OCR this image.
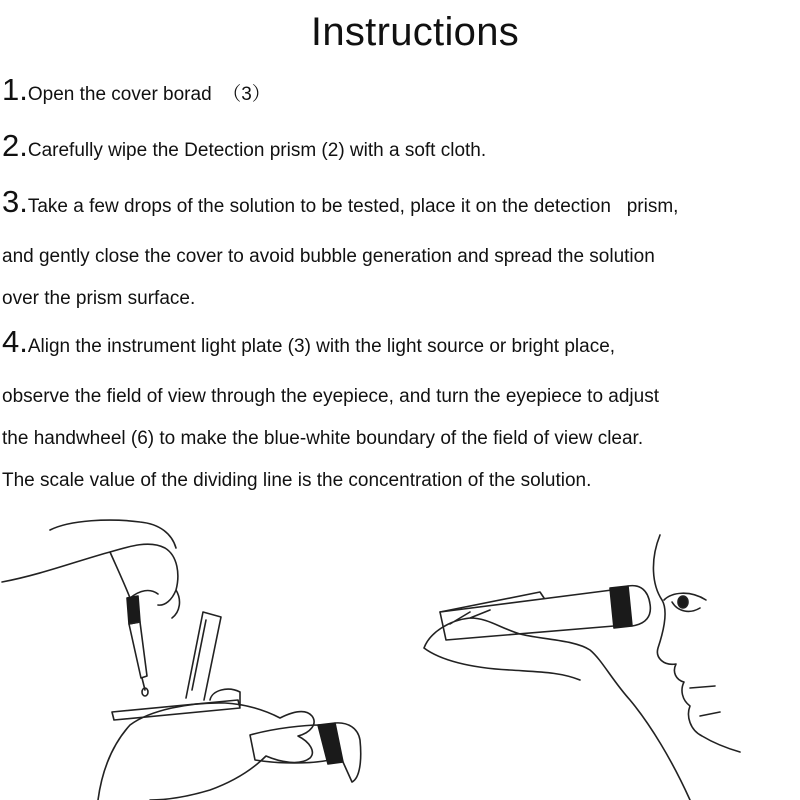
Instructions

1.Open the cover borad  （3）

2.Carefully wipe the Detection prism (2) with a soft cloth.

3.Take a few drops of the solution to be tested, place it on the detection   prism,

and gently close the cover to avoid bubble generation and spread the solution

over the prism surface.

4.Align the instrument light plate (3) with the light source or bright place,

observe the field of view through the eyepiece, and turn the eyepiece to adjust

the handwheel (6) to make the blue-white boundary of the field of view clear.

The scale value of the dividing line is the concentration of the solution.
